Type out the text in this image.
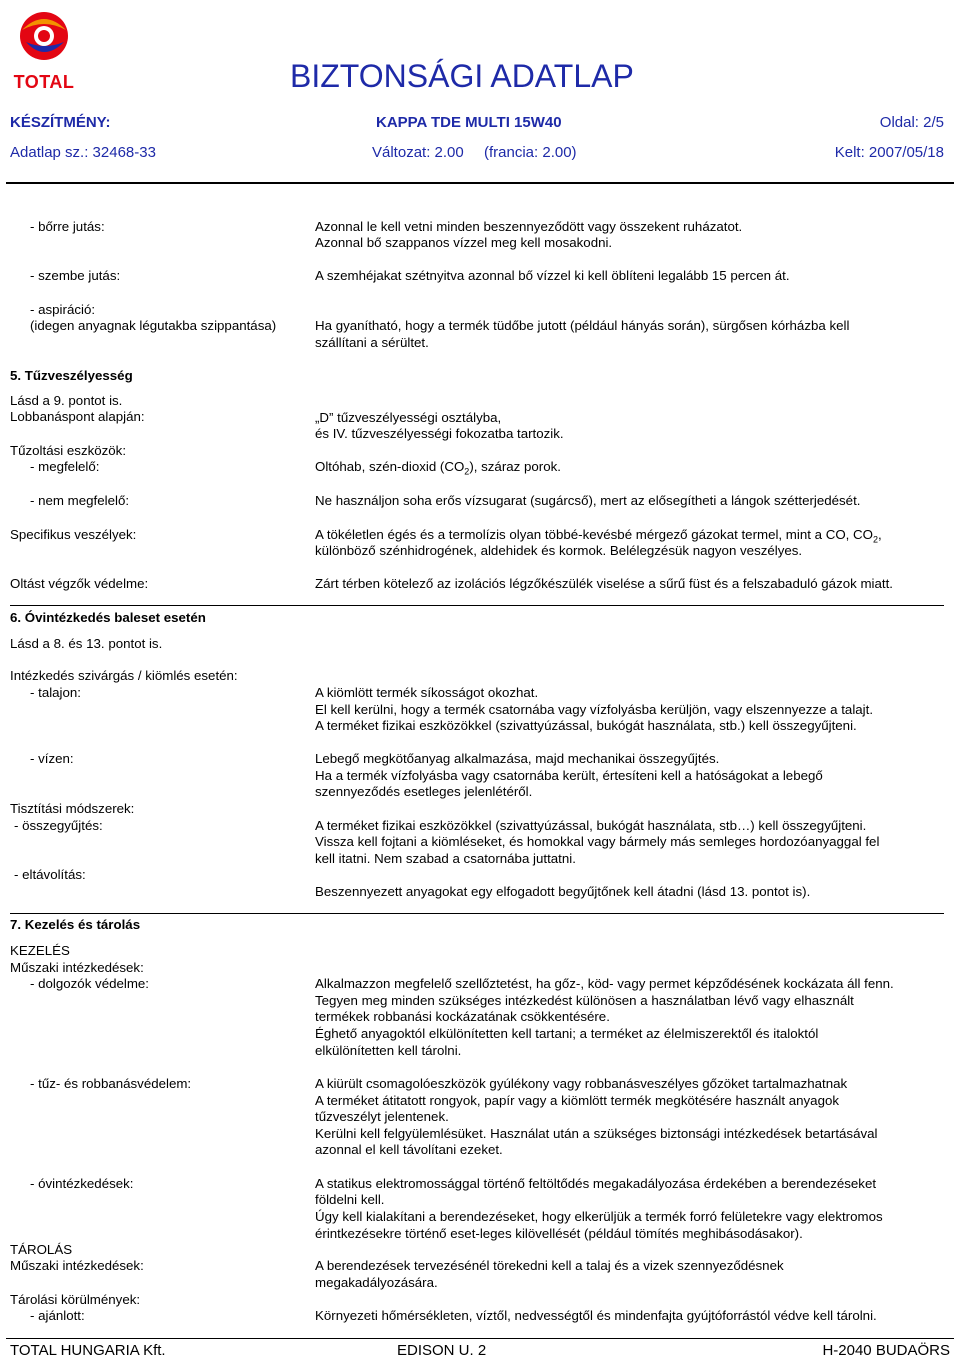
TOTAL	BIZTONSÁGI ADATLAP
KÉSZÍTMÉNY:	KAPPA TDE MULTI 15W40	Oldal: 2/5
Adatlap sz.: 32468-33	Változat: 2.00 (francia: 2.00)	Kelt: 2007/05/18
- bőrre jutás:	Azonnal le kell vetni minden beszennyeződött vagy összekent ruházatot.
Azonnal bő szappanos vízzel meg kell mosakodni.
- szembe jutás:	A szemhéjakat szétnyitva azonnal bő vízzel ki kell öblíteni legalább 15 percen át.
- aspiráció:
(idegen anyagnak légutakba szippantása)	Ha gyanítható, hogy a termék tüdőbe jutott (például hányás során), sürgősen kórházba kell
szállítani a sérültet.
5. Tűzveszélyesség
Lásd a 9. pontot is.
Lobbanáspont alapján:	„D” tűzveszélyességi osztályba,
és IV. tűzveszélyességi fokozatba tartozik.
Tűzoltási eszközök:
- megfelelő:	Oltóhab, szén-dioxid $(CO_2)$, száraz porok.
- nem megfelelő:	Ne használjon soha erős vízsugarat (sugárcső), mert az elősegítheti a lángok szétterjedését.
Specifikus veszélyek:	A tökéletlen égés és a termolízis olyan többé-kevésbé mérgező gázokat termel, mint a CO, $CO_2$,
különböző szénhidrogének, aldehidek és kormok. Belélegzésük nagyon veszélyes.
Oltást végzők védelme:	Zárt térben kötelező az izolációs légzőkészülék viselése a sűrű füst és a felszabaduló gázok miatt.
6. Óvintézkedés baleset esetén
Lásd a 8. és 13. pontot is.
Intézkedés szivárgás / kiömlés esetén:
- talajon:	A kiömlött termék síkosságot okozhat.
El kell kerülni, hogy a termék csatornába vagy vízfolyásba kerüljön, vagy elszennyezze a talajt.
A terméket fizikai eszközökkel (szivattyúzással, bukógát használata, stb.) kell összegyűjteni.
- vízen:	Lebegő megkötőanyag alkalmazása, majd mechanikai összegyűjtés.
Ha a termék vízfolyásba vagy csatornába került, értesíteni kell a hatóságokat a lebegő
szennyeződés esetleges jelenlétéről.
Tisztítási módszerek:
- összegyűjtés:	A terméket fizikai eszközökkel (szivattyúzással, bukógát használata, stb…) kell összegyűjteni.
Vissza kell fojtani a kiömléseket, és homokkal vagy bármely más semleges hordozóanyaggal fel
kell itatni. Nem szabad a csatornába juttatni.
- eltávolítás:
Beszennyezett anyagokat egy elfogadott begyűjtőnek kell átadni (lásd 13. pontot is).
7. Kezelés és tárolás
KEZELÉS
Műszaki intézkedések:
- dolgozók védelme:	Alkalmazzon megfelelő szellőztetést, ha gőz-, köd- vagy permet képződésének kockázata áll fenn.
Tegyen meg minden szükséges intézkedést különösen a használatban lévő vagy elhasznált
termékek robbanási kockázatának csökkentésére.
Éghető anyagoktól elkülönítetten kell tartani; a terméket az élelmiszerektől és italoktól
elkülönítetten kell tárolni.
- tűz- és robbanásvédelem:	A kiürült csomagolóeszközök gyúlékony vagy robbanásveszélyes gőzöket tartalmazhatnak
A terméket átitatott rongyok, papír vagy a kiömlött termék megkötésére használt anyagok
tűzveszélyt jelentenek.
Kerülni kell felgyülemlésüket. Használat után a szükséges biztonsági intézkedések betartásával
azonnal el kell távolítani ezeket.
- óvintézkedések:	A statikus elektromossággal történő feltöltődés megakadályozása érdekében a berendezéseket
földelni kell.
Úgy kell kialakítani a berendezéseket, hogy elkerüljük a termék forró felületekre vagy elektromos
érintkezésekre történő eset-leges kilövellését (például tömítés meghibásodásakor).
TÁROLÁS
Műszaki intézkedések:	A berendezések tervezésénél törekedni kell a talaj és a vizek szennyeződésnek
megakadályozására.
Tárolási körülmények:
- ajánlott:	Környezeti hőmérsékleten, víztől, nedvességtől és mindenfajta gyújtóforrástól védve kell tárolni.
TOTAL HUNGARIA Kft.	EDISON U. 2	H-2040 BUDAÖRS
